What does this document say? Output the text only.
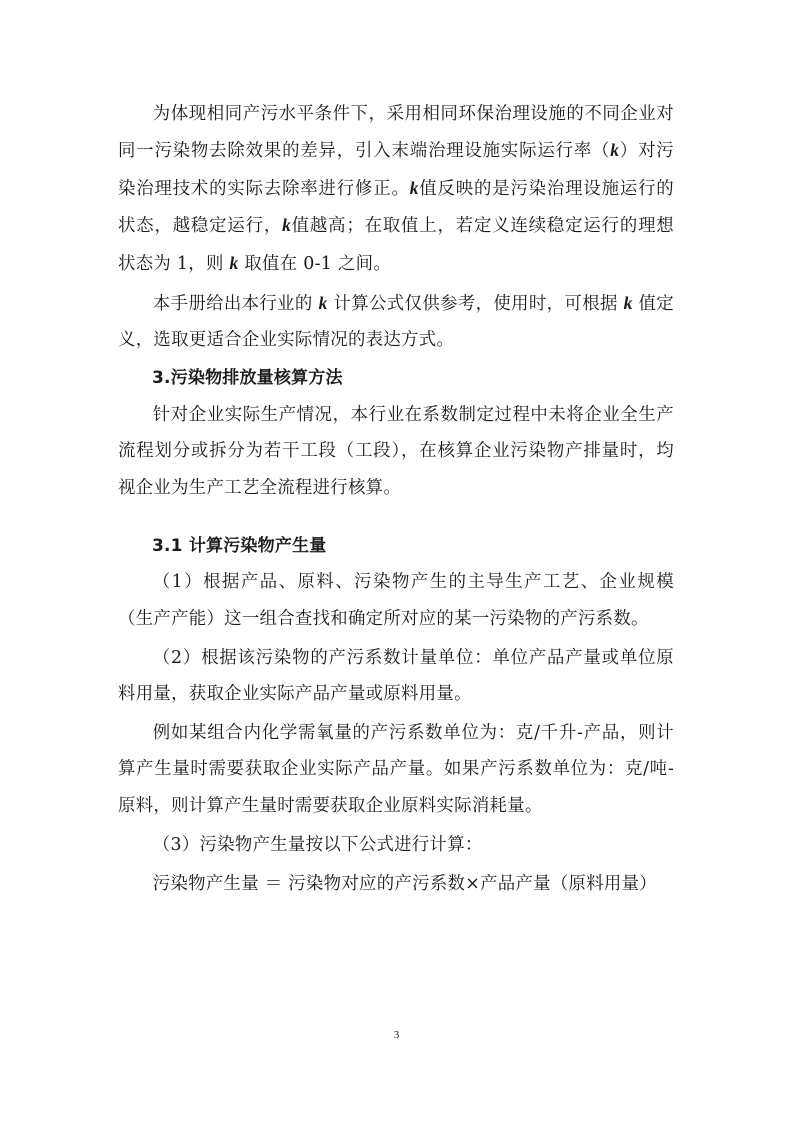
为体现相同产污水平条件下，采用相同环保治理设施的不同企业对同一污染物去除效果的差异，引入末端治理设施实际运行率（k）对污染治理技术的实际去除率进行修正。k值反映的是污染治理设施运行的状态，越稳定运行，k值越高；在取值上，若定义连续稳定运行的理想状态为 1，则 k 取值在 0-1 之间。

本手册给出本行业的 k 计算公式仅供参考，使用时，可根据 k 值定义，选取更适合企业实际情况的表达方式。

3.污染物排放量核算方法

针对企业实际生产情况，本行业在系数制定过程中未将企业全生产流程划分或拆分为若干工段（工段），在核算企业污染物产排量时，均视企业为生产工艺全流程进行核算。

3.1 计算污染物产生量

（1）根据产品、原料、污染物产生的主导生产工艺、企业规模（生产产能）这一组合查找和确定所对应的某一污染物的产污系数。

（2）根据该污染物的产污系数计量单位：单位产品产量或单位原料用量，获取企业实际产品产量或原料用量。

例如某组合内化学需氧量的产污系数单位为：克/千升-产品，则计算产生量时需要获取企业实际产品产量。如果产污系数单位为：克/吨-原料，则计算产生量时需要获取企业原料实际消耗量。

（3）污染物产生量按以下公式进行计算：

污染物产生量 ＝ 污染物对应的产污系数×产品产量（原料用量）

3
